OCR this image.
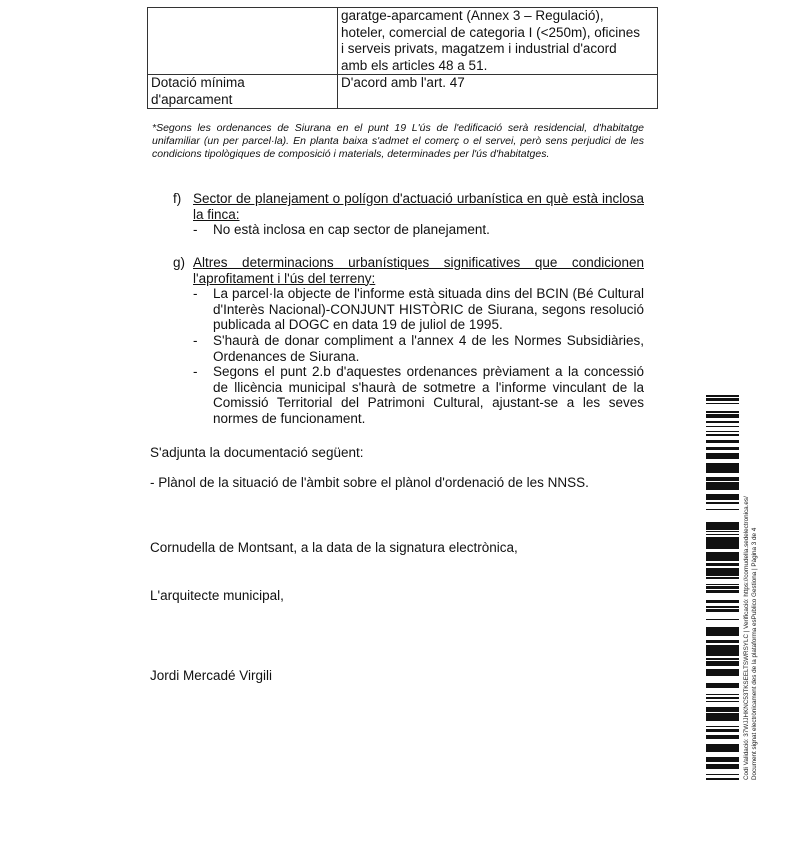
	garatge-aparcament (Annex 3 – Regulació),
hoteler, comercial de categoria I (<250m), oficines
i serveis privats, magatzem i industrial d'acord
amb els articles 48 a 51.

Dotació mínima
d'aparcament	D'acord amb l'art. 47
*Segons les ordenances de Siurana en el punt 19 L'ús de l'edificació serà residencial, d'habitatge unifamiliar (un per parcel·la). En planta baixa s'admet el comerç o el servei, però sens perjudici de les condicions tipològiques de composició i materials, determinades per l'ús d'habitatges.
f) Sector de planejament o polígon d'actuació urbanística en què està inclosa la finca:
- No està inclosa en cap sector de planejament.
g) Altres determinacions urbanístiques significatives que condicionen l'aprofitament i l'ús del terreny:
- La parcel·la objecte de l'informe està situada dins del BCIN (Bé Cultural d'Interès Nacional)-CONJUNT HISTÒRIC de Siurana, segons resolució publicada al DOGC en data 19 de juliol de 1995.
- S'haurà de donar compliment a l'annex 4 de les Normes Subsidiàries, Ordenances de Siurana.
- Segons el punt 2.b d'aquestes ordenances prèviament a la concessió de llicència municipal s'haurà de sotmetre a l'informe vinculant de la Comissió Territorial del Patrimoni Cultural, ajustant-se a les seves normes de funcionament.
S'adjunta la documentació següent:
- Plànol de la situació de l'àmbit sobre el plànol d'ordenació de les NNSS.
Cornudella de Montsant, a la data de la signatura electrònica,
L'arquitecte municipal,
Jordi Mercadé Virgili	Codi Validació: 37WJJHKNC53TKSEELTSWRSYLC | Verificació: https://cornudella.sedelectronica.es/ Document signat electrònicament des de la plataforma esPublico Gestiona | Pàgina 3 de 4
